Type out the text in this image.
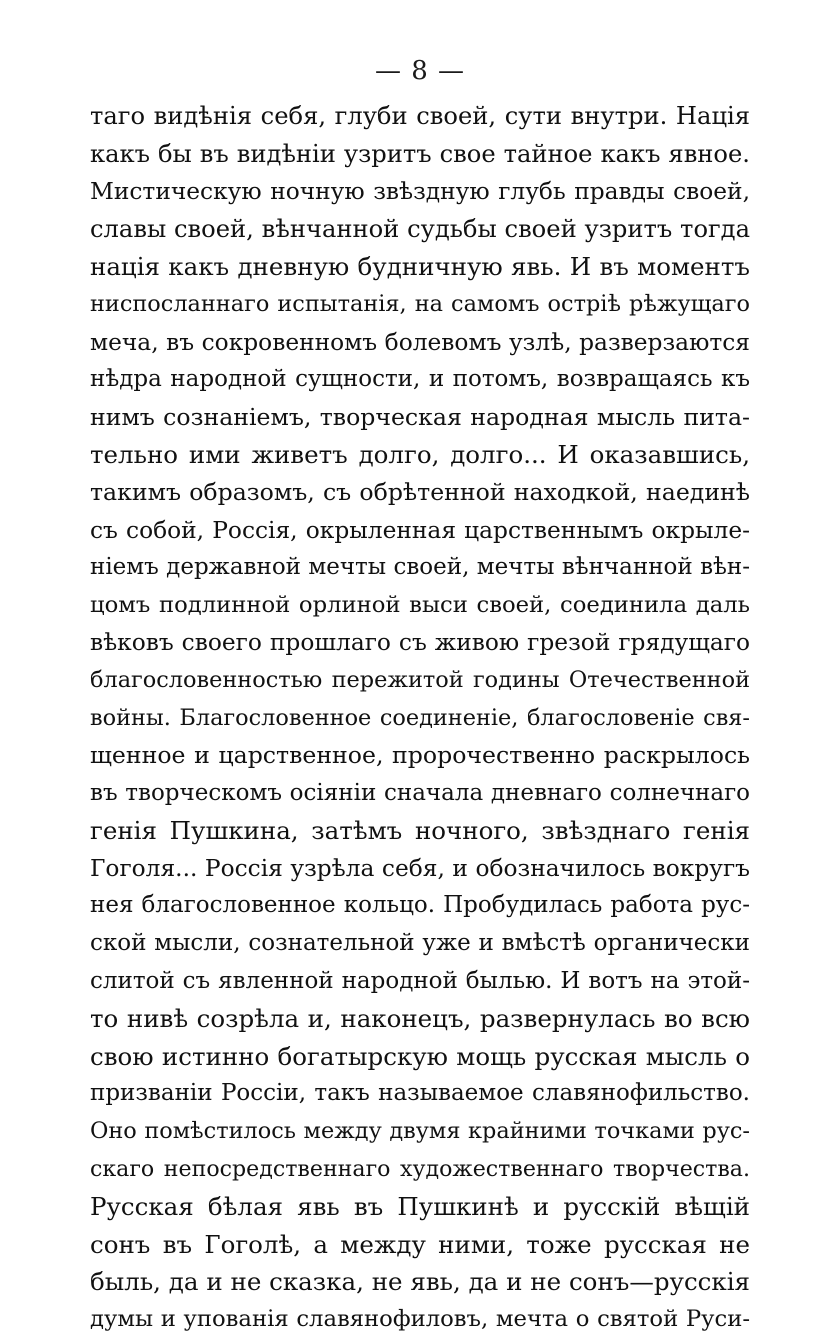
— 8 —
таго видѣнія себя, глуби своей, сути внутри. Нація
какъ бы въ видѣніи узритъ свое тайное какъ явное.
Мистическую ночную звѣздную глубь правды своей,
славы своей, вѣнчанной судьбы своей узритъ тогда
нація какъ дневную будничную явь. И въ моментъ
ниспосланнаго испытанія, на самомъ острiѣ рѣжущаго
меча, въ сокровенномъ болевомъ узлѣ, разверзаются
нѣдра народной сущности, и потомъ, возвращаясь къ
нимъ сознаніемъ, творческая народная мысль пита-
тельно ими живетъ долго, долго... И оказавшись,
такимъ образомъ, съ обрѣтенной находкой, наединѣ
съ собой, Россія, окрыленная царственнымъ окрыле-
ніемъ державной мечты своей, мечты вѣнчанной вѣн-
цомъ подлинной орлиной выси своей, соединила даль
вѣковъ своего прошлаго съ живою грезой грядущаго
благословенностью пережитой годины Отечественной
войны. Благословенное соединеніе, благословеніе свя-
щенное и царственное, пророчественно раскрылось
въ творческомъ осіяніи сначала дневнаго солнечнаго
генія Пушкина, затѣмъ ночного, звѣзднаго генія
Гоголя... Россія узрѣла себя, и обозначилось вокругъ
нея благословенное кольцо. Пробудилась работа рус-
ской мысли, сознательной уже и вмѣстѣ органически
слитой съ явленной народной былью. И вотъ на этой-
то нивѣ созрѣла и, наконецъ, развернулась во всю
свою истинно богатырскую мощь русская мысль о
призваніи Россіи, такъ называемое славянофильство.
Оно помѣстилось между двумя крайними точками рус-
скаго непосредственнаго художественнаго творчества.
Русская бѣлая явь въ Пушкинѣ и русскій вѣщій
сонъ въ Гоголѣ, а между ними, тоже русская не
быль, да и не сказка, не явь, да и не сонъ—русскія
думы и упованія славянофиловъ, мечта о святой Руси-
